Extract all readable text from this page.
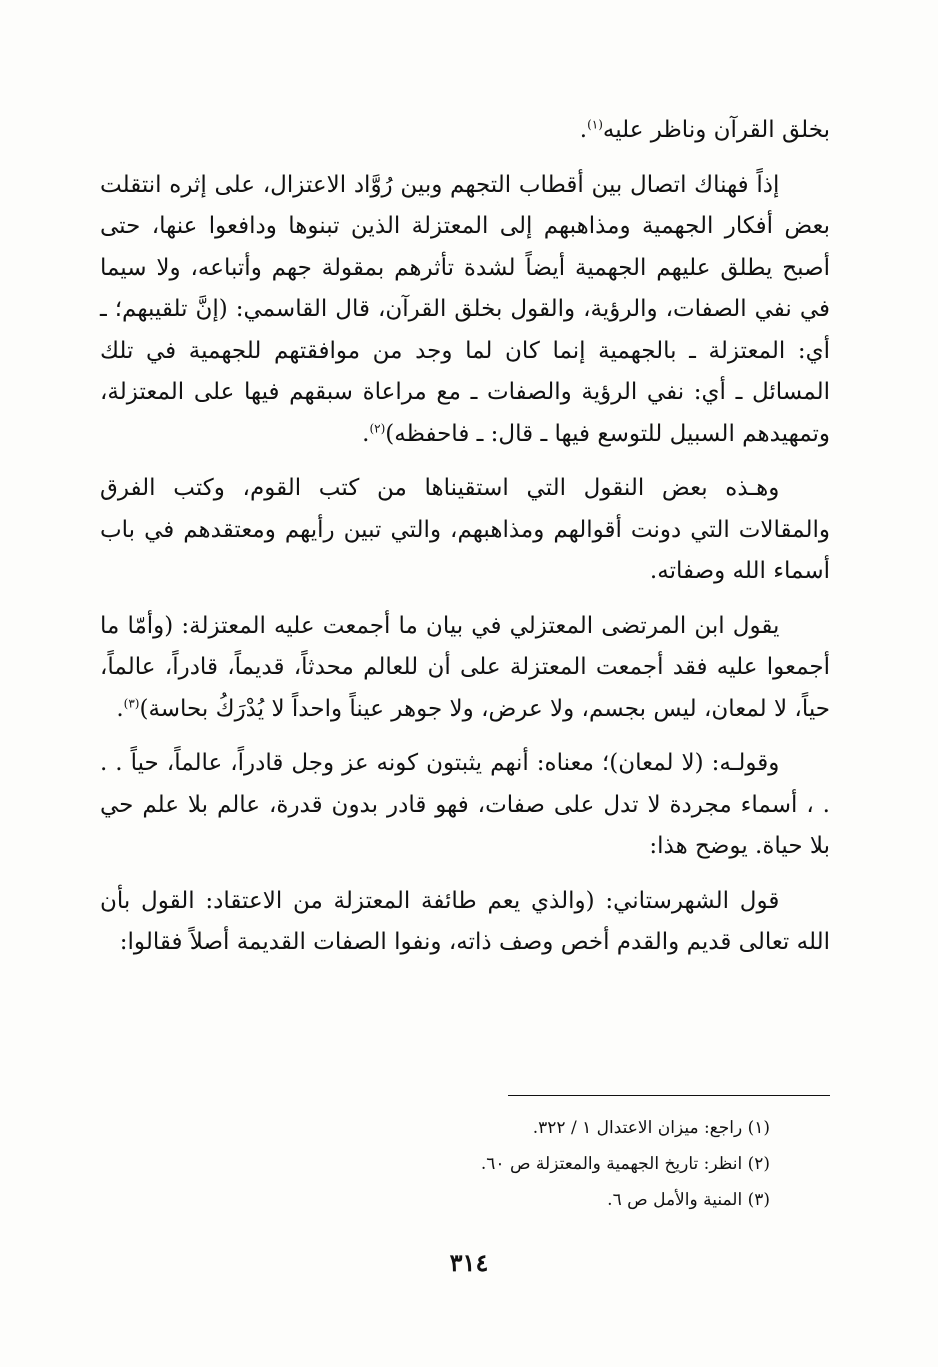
بخلق القرآن وناظر عليه$^{(١)}$.

إذاً فهناك اتصال بين أقطاب التجهم وبين رُوَّاد الاعتزال، على إثره انتقلت بعض أفكار الجهمية ومذاهبهم إلى المعتزلة الذين تبنوها ودافعوا عنها، حتى أصبح يطلق عليهم الجهمية أيضاً لشدة تأثرهم بمقولة جهم وأتباعه، ولا سيما في نفي الصفات، والرؤية، والقول بخلق القرآن، قال القاسمي: (إنَّ تلقيبهم؛ ـ أي: المعتزلة ـ بالجهمية إنما كان لما وجد من موافقتهم للجهمية في تلك المسائل ـ أي: نفي الرؤية والصفات ـ مع مراعاة سبقهم فيها على المعتزلة، وتمهيدهم السبيل للتوسع فيها ـ قال: ـ فاحفظه)$^{(٢)}$.

وهـذه بعض النقول التي استقيناها من كتب القوم، وكتب الفرق والمقالات التي دونت أقوالهم ومذاهبهم، والتي تبين رأيهم ومعتقدهم في باب أسماء الله وصفاته.

يقول ابن المرتضى المعتزلي في بيان ما أجمعت عليه المعتزلة: (وأمّا ما أجمعوا عليه فقد أجمعت المعتزلة على أن للعالم محدثاً، قديماً، قادراً، عالماً، حياً، لا لمعان، ليس بجسم، ولا عرض، ولا جوهر عيناً واحداً لا يُدْرَكُ بحاسة)$^{(٣)}$.

وقولـه: (لا لمعان)؛ معناه: أنهم يثبتون كونه عز وجل قادراً، عالماً، حياً . . . ، أسماء مجردة لا تدل على صفات، فهو قادر بدون قدرة، عالم بلا علم حي بلا حياة. يوضح هذا:

قول الشهرستاني: (والذي يعم طائفة المعتزلة من الاعتقاد: القول بأن الله تعالى قديم والقدم أخص وصف ذاته، ونفوا الصفات القديمة أصلاً فقالوا:

(١) راجع: ميزان الاعتدال ١ / ٣٢٢.
(٢) انظر: تاريخ الجهمية والمعتزلة ص ٦٠.
(٣) المنية والأمل ص ٦.
٣١٤
